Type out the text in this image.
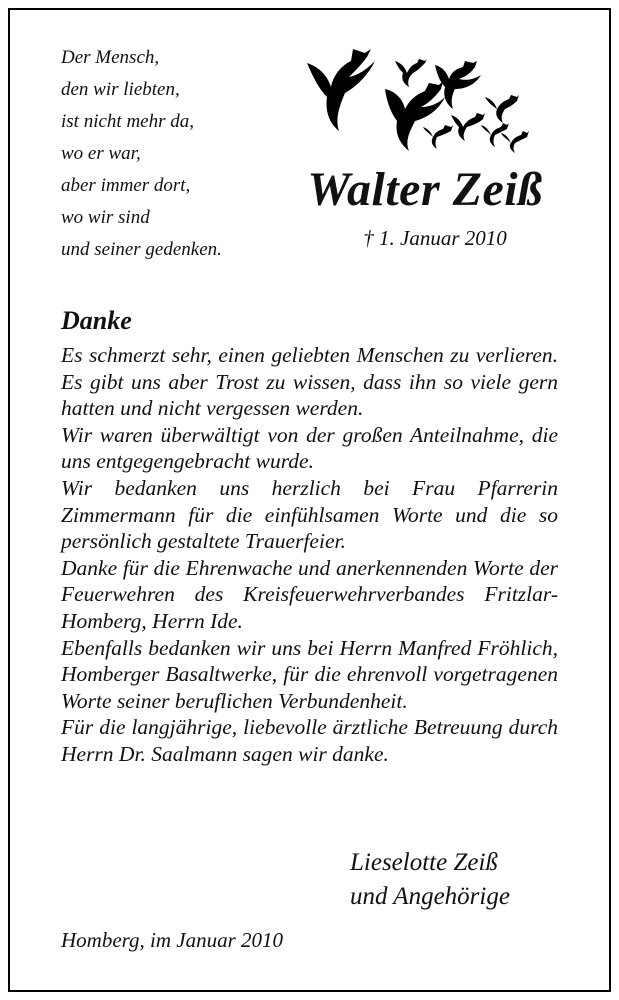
Der Mensch,
den wir liebten,
ist nicht mehr da,
wo er war,
aber immer dort,
wo wir sind
und seiner gedenken.
Walter Zeiß
† 1. Januar 2010
Danke

Es schmerzt sehr, einen geliebten Menschen zu verlieren. Es gibt uns aber Trost zu wissen, dass ihn so viele gern hatten und nicht vergessen werden.

Wir waren überwältigt von der großen Anteilnahme, die uns entgegengebracht wurde.

Wir bedanken uns herzlich bei Frau Pfarrerin Zimmermann für die einfühlsamen Worte und die so persönlich gestaltete Trauerfeier.

Danke für die Ehrenwache und anerkennenden Worte der Feuerwehren des Kreisfeuerwehrverbandes Fritzlar-Homberg, Herrn Ide.

Ebenfalls bedanken wir uns bei Herrn Manfred Fröhlich, Homberger Basaltwerke, für die ehrenvoll vorgetragenen Worte seiner beruflichen Verbundenheit.

Für die langjährige, liebevolle ärztliche Betreuung durch Herrn Dr. Saalmann sagen wir danke.

Lieselotte Zeiß
und Angehörige
Homberg, im Januar 2010
